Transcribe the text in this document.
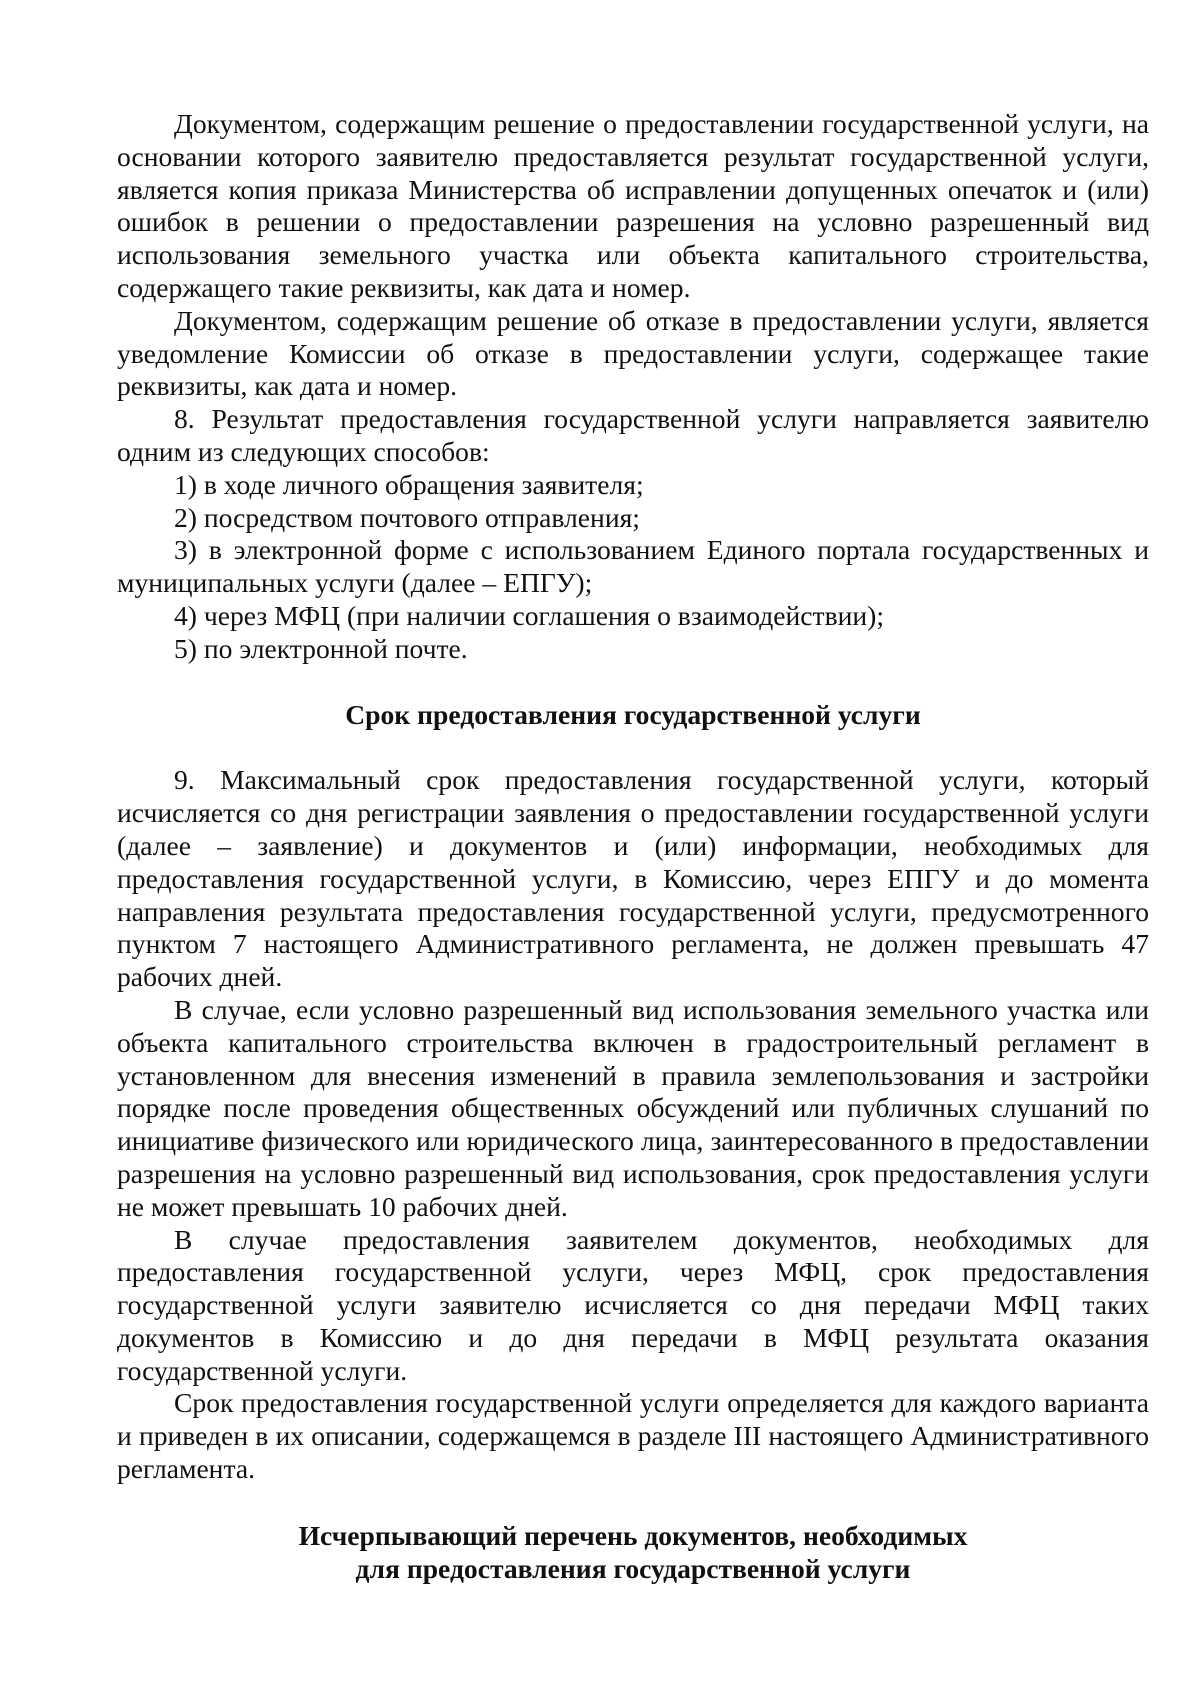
Документом, содержащим решение о предоставлении государственной услуги, на основании которого заявителю предоставляется результат государственной услуги, является копия приказа Министерства об исправлении допущенных опечаток и (или) ошибок в решении о предоставлении разрешения на условно разрешенный вид использования земельного участка или объекта капитального строительства, содержащего такие реквизиты, как дата и номер.

Документом, содержащим решение об отказе в предоставлении услуги, является уведомление Комиссии об отказе в предоставлении услуги, содержащее такие реквизиты, как дата и номер.

8. Результат предоставления государственной услуги направляется заявителю одним из следующих способов:

1) в ходе личного обращения заявителя;

2) посредством почтового отправления;

3) в электронной форме с использованием Единого портала государственных и муниципальных услуги (далее – ЕПГУ);

4) через МФЦ (при наличии соглашения о взаимодействии);

5) по электронной почте.

Срок предоставления государственной услуги

9. Максимальный срок предоставления государственной услуги, который исчисляется со дня регистрации заявления о предоставлении государственной услуги (далее – заявление) и документов и (или) информации, необходимых для предоставления государственной услуги, в Комиссию, через ЕПГУ и до момента направления результата предоставления государственной услуги, предусмотренного пунктом 7 настоящего Административного регламента, не должен превышать 47 рабочих дней.

В случае, если условно разрешенный вид использования земельного участка или объекта капитального строительства включен в градостроительный регламент в установленном для внесения изменений в правила землепользования и застройки порядке после проведения общественных обсуждений или публичных слушаний по инициативе физического или юридического лица, заинтересованного в предоставлении разрешения на условно разрешенный вид использования, срок предоставления услуги не может превышать 10 рабочих дней.

В случае предоставления заявителем документов, необходимых для предоставления государственной услуги, через МФЦ, срок предоставления государственной услуги заявителю исчисляется со дня передачи МФЦ таких документов в Комиссию и до дня передачи в МФЦ результата оказания государственной услуги.

Срок предоставления государственной услуги определяется для каждого варианта и приведен в их описании, содержащемся в разделе III настоящего Административного регламента.

Исчерпывающий перечень документов, необходимых
для предоставления государственной услуги
